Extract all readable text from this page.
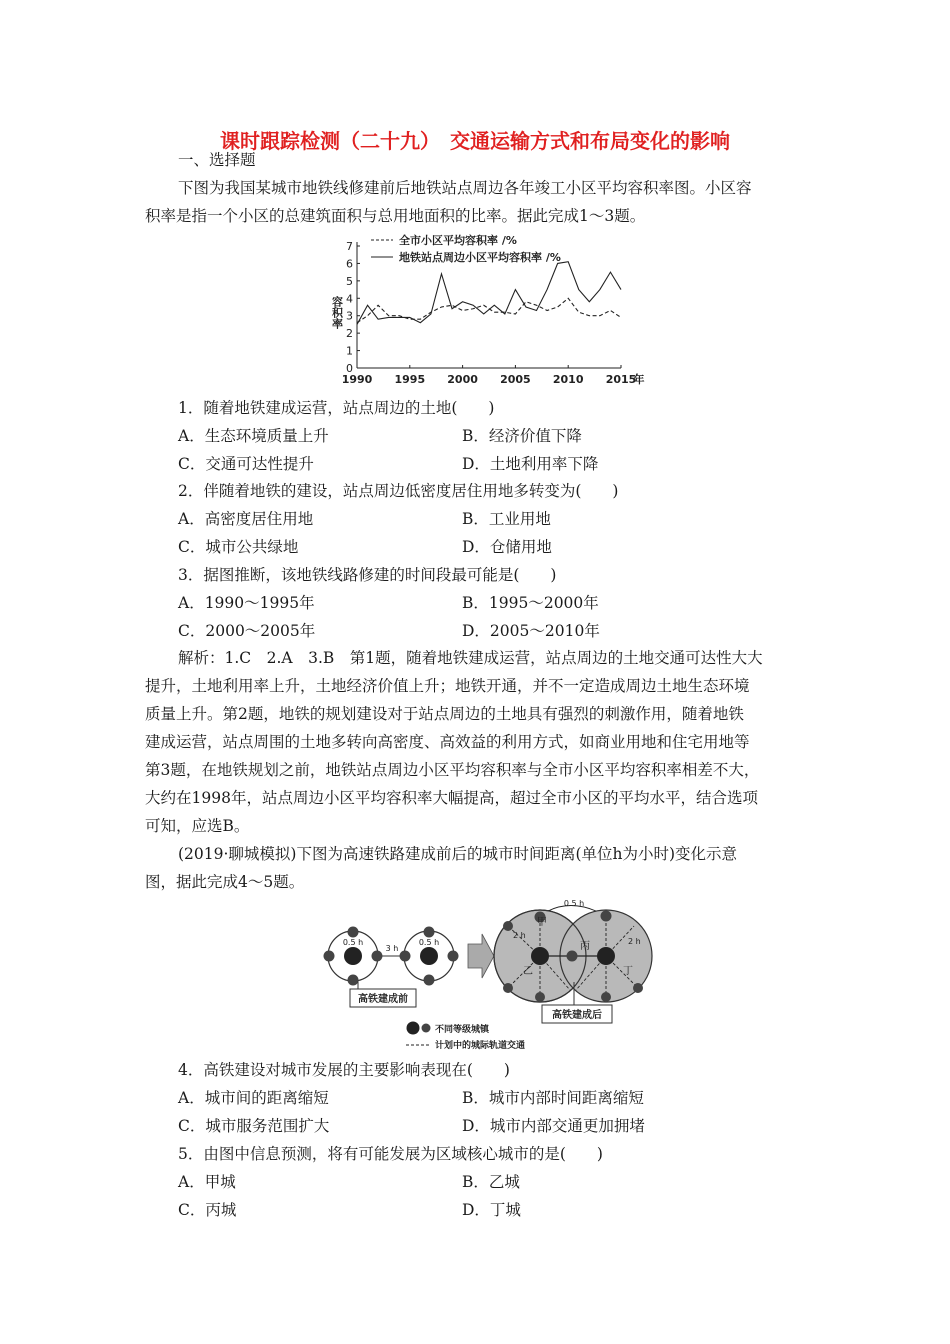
课时跟踪检测（二十九）　交通运输方式和布局变化的影响
一、选择题
下图为我国某城市地铁线修建前后地铁站点周边各年竣工小区平均容积率图。小区容
积率是指一个小区的总建筑面积与总用地面积的比率。据此完成1～3题。
0
1
2
3
4
5
6
7
1990 1995 2000 2005 2010 2015
年
容积率
全市小区平均容积率 /%
地铁站点周边小区平均容积率 /%
1．随着地铁建成运营，站点周边的土地(　　)
A．生态环境质量上升	B．经济价值下降
C．交通可达性提升	D．土地利用率下降
2．伴随着地铁的建设，站点周边低密度居住用地多转变为(　　)
A．高密度居住用地	B．工业用地
C．城市公共绿地	D．仓储用地
3．据图推断，该地铁线路修建的时间段最可能是(　　)
A．1990～1995年	B．1995～2000年
C．2000～2005年	D．2005～2010年
解析：1.C　2.A　3.B　第1题，随着地铁建成运营，站点周边的土地交通可达性大大
提升，土地利用率上升，土地经济价值上升；地铁开通，并不一定造成周边土地生态环境
质量上升。第2题，地铁的规划建设对于站点周边的土地具有强烈的刺激作用，随着地铁
建成运营，站点周围的土地多转向高密度、高效益的利用方式，如商业用地和住宅用地等
第3题，在地铁规划之前，地铁站点周边小区平均容积率与全市小区平均容积率相差不大，
大约在1998年，站点周边小区平均容积率大幅提高，超过全市小区的平均水平，结合选项
可知，应选B。
(2019·聊城模拟)下图为高速铁路建成前后的城市时间距离(单位h为小时)变化示意
图，据此完成4～5题。
0.5 h
3 h
0.5 h
高铁建成前
0.5 h
2 h
2 h
甲
乙
丙
丁
高铁建成后
不同等级城镇
计划中的城际轨道交通
4．高铁建设对城市发展的主要影响表现在(　　)
A．城市间的距离缩短	B．城市内部时间距离缩短
C．城市服务范围扩大	D．城市内部交通更加拥堵
5．由图中信息预测，将有可能发展为区域核心城市的是(　　)
A．甲城	B．乙城
C．丙城	D．丁城
